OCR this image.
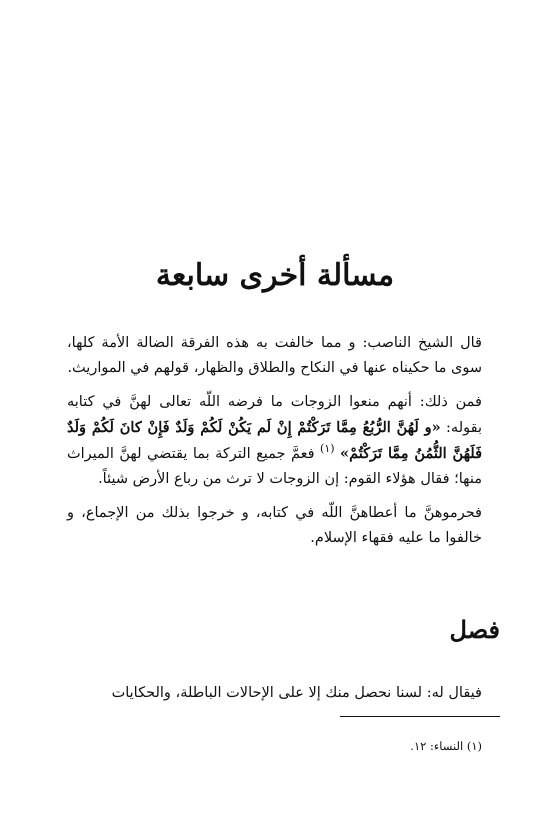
مسألة أخرى سابعة

قال الشيخ الناصب: و مما خالفت به هذه الفرقة الضالة الأمة كلها، سوى ما حكيناه عنها في النكاح والطلاق والظهار، قولهم في المواريث.

فمن ذلك: أنهم منعوا الزوجات ما فرضه اللّه تعالى لهنَّ في كتابه بقوله: «و لَهُنَّ الرُّبُعُ مِمَّا تَرَكْتُمْ إِنْ لَم يَكُنْ لَكُمْ وَلَدٌ فَإِنْ كانَ لَكُمْ وَلَدٌ فَلَهُنَّ الثُّمُنُ مِمَّا تَرَكْتُمْ» $^{(١)}$ فعمَّ جميع التركة بما يقتضي لهنَّ الميراث منها؛ فقال هؤلاء القوم: إن الزوجات لا ترث من رباع الأرض شيئاً.

فحرموهنَّ ما أعطاهنَّ اللّه في كتابه، و خرجوا بذلك من الإجماع، و خالفوا ما عليه فقهاء الإسلام.

فصل
فيقال له: لسنا نحصل منك إلا على الإحالات الباطلة، والحكايات
(١) النساء: ١٢.
